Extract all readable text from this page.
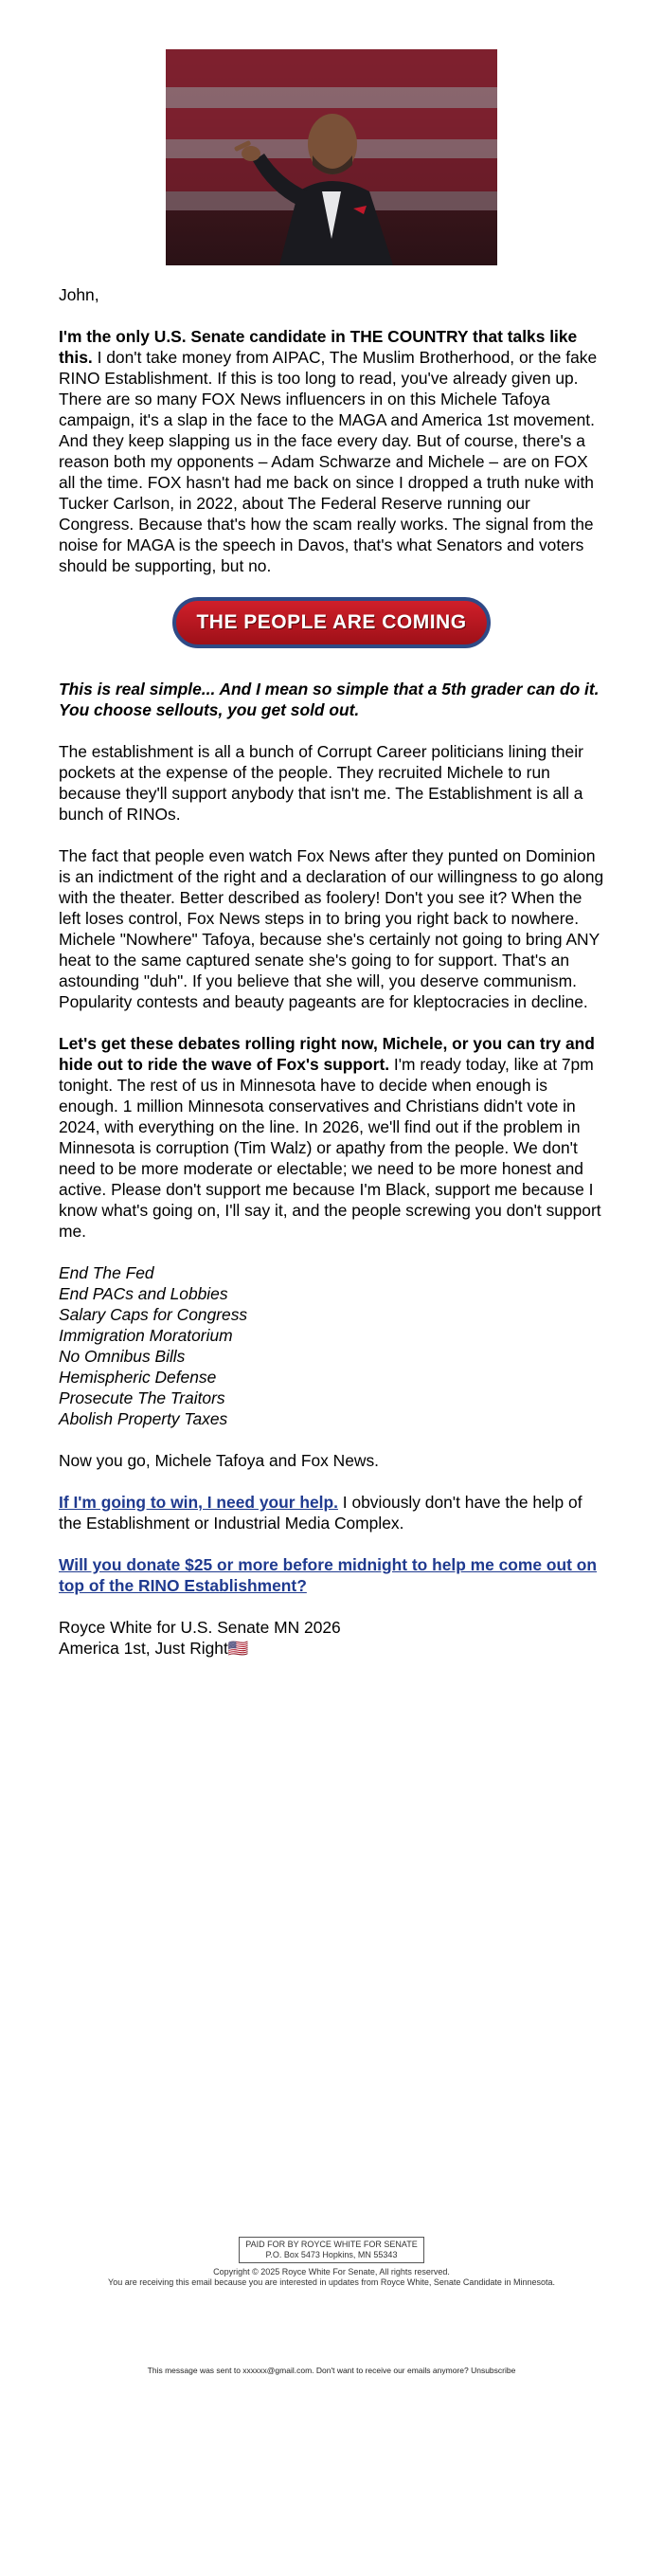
John,

I'm the only U.S. Senate candidate in THE COUNTRY that talks like this. I don't take money from AIPAC, The Muslim Brotherhood, or the fake RINO Establishment. If this is too long to read, you've already given up. There are so many FOX News influencers in on this Michele Tafoya campaign, it's a slap in the face to the MAGA and America 1st movement. And they keep slapping us in the face every day. But of course, there's a reason both my opponents – Adam Schwarze and Michele – are on FOX all the time. FOX hasn't had me back on since I dropped a truth nuke with Tucker Carlson, in 2022, about The Federal Reserve running our Congress. Because that's how the scam really works. The signal from the noise for MAGA is the speech in Davos, that's what Senators and voters should be supporting, but no.

THE PEOPLE ARE COMING

This is real simple... And I mean so simple that a 5th grader can do it. You choose sellouts, you get sold out.

The establishment is all a bunch of Corrupt Career politicians lining their pockets at the expense of the people. They recruited Michele to run because they'll support anybody that isn't me. The Establishment is all a bunch of RINOs.

The fact that people even watch Fox News after they punted on Dominion is an indictment of the right and a declaration of our willingness to go along with the theater. Better described as foolery! Don't you see it? When the left loses control, Fox News steps in to bring you right back to nowhere. Michele "Nowhere" Tafoya, because she's certainly not going to bring ANY heat to the same captured senate she's going to for support. That's an astounding "duh". If you believe that she will, you deserve communism. Popularity contests and beauty pageants are for kleptocracies in decline.

Let's get these debates rolling right now, Michele, or you can try and hide out to ride the wave of Fox's support. I'm ready today, like at 7pm tonight. The rest of us in Minnesota have to decide when enough is enough. 1 million Minnesota conservatives and Christians didn't vote in 2024, with everything on the line. In 2026, we'll find out if the problem in Minnesota is corruption (Tim Walz) or apathy from the people. We don't need to be more moderate or electable; we need to be more honest and active. Please don't support me because I'm Black, support me because I know what's going on, I'll say it, and the people screwing you don't support me.

End The Fed

End PACs and Lobbies

Salary Caps for Congress

Immigration Moratorium

No Omnibus Bills

Hemispheric Defense

Prosecute The Traitors

Abolish Property Taxes

Now you go, Michele Tafoya and Fox News.

If I'm going to win, I need your help. I obviously don't have the help of the Establishment or Industrial Media Complex.

Will you donate $25 or more before midnight to help me come out on top of the RINO Establishment?

Royce White for U.S. Senate MN 2026

America 1st, Just Right🇺🇸

PAID FOR BY ROYCE WHITE FOR SENATE
P.O. Box 5473 Hopkins, MN 55343
Copyright © 2025 Royce White For Senate, All rights reserved.
You are receiving this email because you are interested in updates from Royce White, Senate Candidate in Minnesota.
This message was sent to xxxxxx@gmail.com. Don't want to receive our emails anymore? Unsubscribe
